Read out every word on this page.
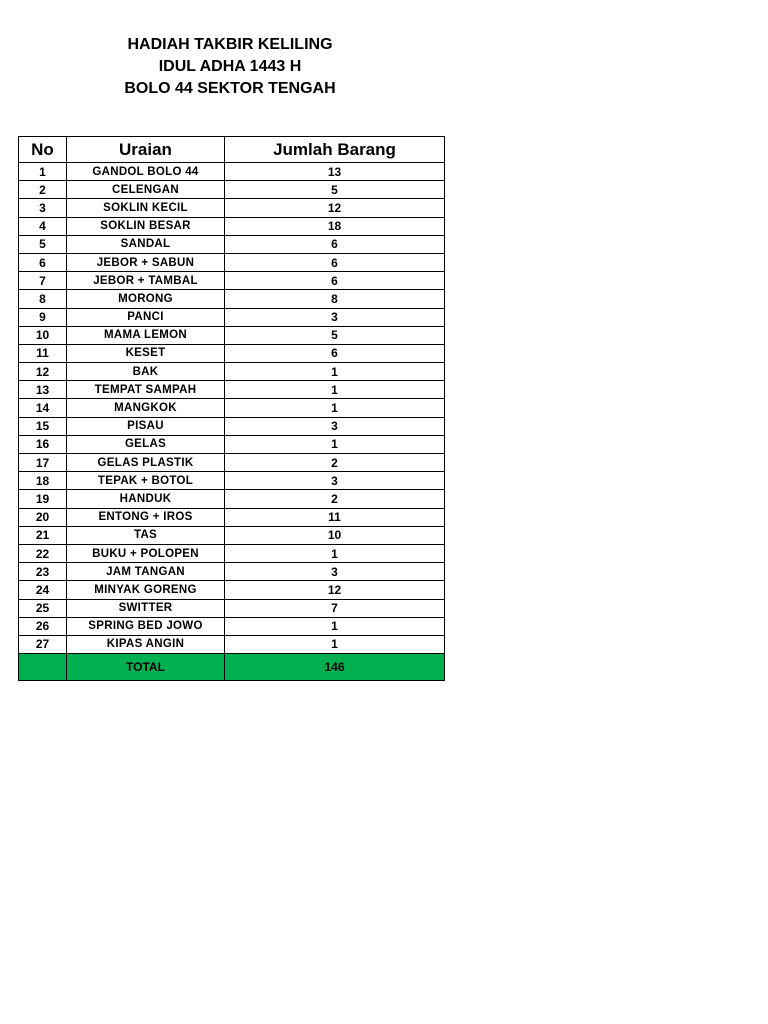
HADIAH TAKBIR KELILING
IDUL ADHA 1443 H
BOLO 44 SEKTOR TENGAH
No	Uraian	Jumlah Barang
1	GANDOL BOLO 44	13
2	CELENGAN	5
3	SOKLIN KECIL	12
4	SOKLIN BESAR	18
5	SANDAL	6
6	JEBOR + SABUN	6
7	JEBOR + TAMBAL	6
8	MORONG	8
9	PANCI	3
10	MAMA LEMON	5
11	KESET	6
12	BAK	1
13	TEMPAT SAMPAH	1
14	MANGKOK	1
15	PISAU	3
16	GELAS	1
17	GELAS PLASTIK	2
18	TEPAK + BOTOL	3
19	HANDUK	2
20	ENTONG + IROS	11
21	TAS	10
22	BUKU + POLOPEN	1
23	JAM TANGAN	3
24	MINYAK GORENG	12
25	SWITTER	7
26	SPRING BED JOWO	1
27	KIPAS ANGIN	1
	TOTAL	146
